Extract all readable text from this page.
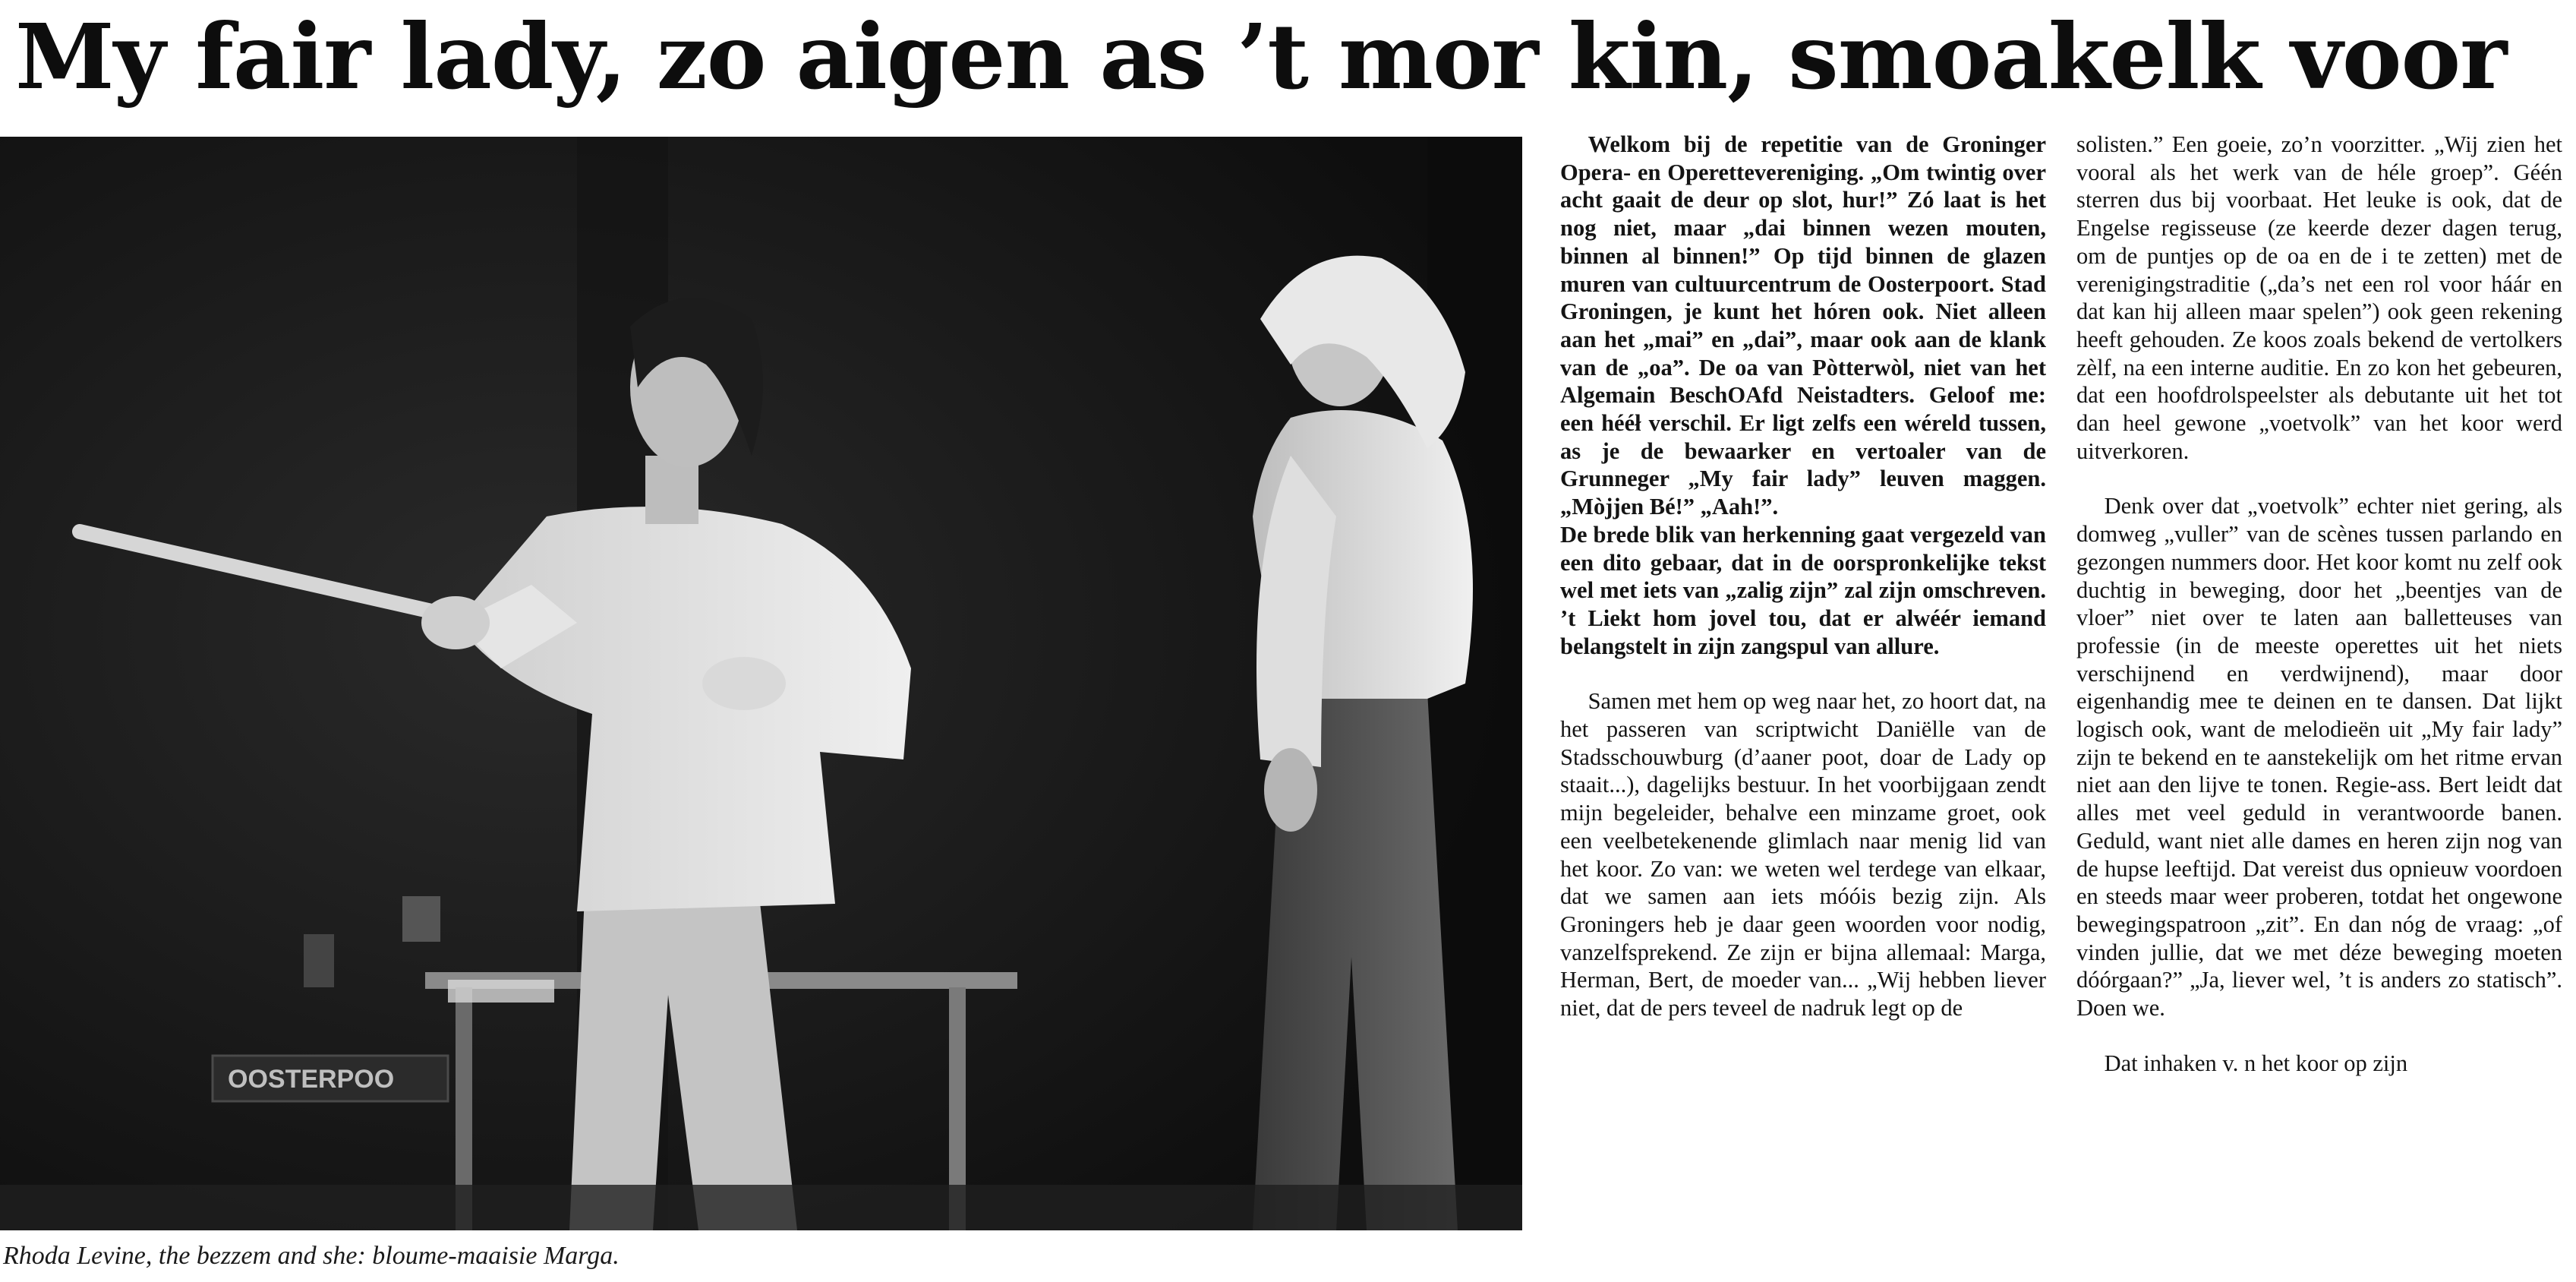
My fair lady, zo aigen as ’t mor kin, smoakelk voor
OOSTERPOO
Rhoda Levine, the bezzem and she: bloume-maaisie Marga.

Welkom bij de repetitie van de Groninger Opera- en Operettevereniging. „Om twintig over acht gaait de deur op slot, hur!” Zó laat is het nog niet, maar „dai binnen wezen mouten, binnen al binnen!” Op tijd binnen de glazen muren van cultuurcentrum de Oosterpoort. Stad Groningen, je kunt het hóren ook. Niet alleen aan het „mai” en „dai”, maar ook aan de klank van de „oa”. De oa van Pòtterwòl, niet van het Algemain BeschOAfd Neistadters. Geloof me: een hééł verschil. Er ligt zelfs een wéreld tussen, as je de bewaarker en vertoaler van de Grunneger „My fair lady” leuven maggen. „Mòjjen Bé!” „Aah!”.

De brede blik van herkenning gaat vergezeld van een dito gebaar, dat in de oorspronkelijke tekst wel met iets van „zalig zijn” zal zijn omschreven. ’t Liekt hom jovel tou, dat er alwéér iemand belangstelt in zijn zangspul van allure.

Samen met hem op weg naar het, zo hoort dat, na het passeren van scriptwicht Daniëlle van de Stadsschouwburg (d’aaner poot, doar de Lady op staait...), dagelijks bestuur. In het voorbijgaan zendt mijn begeleider, behalve een minzame groet, ook een veelbetekenende glimlach naar menig lid van het koor. Zo van: we weten wel terdege van elkaar, dat we samen aan iets móóis bezig zijn. Als Groningers heb je daar geen woorden voor nodig, vanzelfsprekend. Ze zijn er bijna allemaal: Marga, Herman, Bert, de moeder van... „Wij hebben liever niet, dat de pers teveel de nadruk legt op de

solisten.” Een goeie, zo’n voorzitter. „Wij zien het vooral als het werk van de héle groep”. Géén sterren dus bij voorbaat. Het leuke is ook, dat de Engelse regisseuse (ze keerde dezer dagen terug, om de puntjes op de oa en de i te zetten) met de verenigingstraditie („da’s net een rol voor háár en dat kan hij alleen maar spelen”) ook geen rekening heeft gehouden. Ze koos zoals bekend de vertolkers zèlf, na een interne auditie. En zo kon het gebeuren, dat een hoofdrolspeelster als debutante uit het tot dan heel gewone „voetvolk” van het koor werd uitverkoren.

Denk over dat „voetvolk” echter niet gering, als domweg „vuller” van de scènes tussen parlando en gezongen nummers door. Het koor komt nu zelf ook duchtig in beweging, door het „beentjes van de vloer” niet over te laten aan balletteuses van professie (in de meeste operettes uit het niets verschijnend en verdwijnend), maar door eigenhandig mee te deinen en te dansen. Dat lijkt logisch ook, want de melodieën uit „My fair lady” zijn te bekend en te aanstekelijk om het ritme ervan niet aan den lijve te tonen. Regie-ass. Bert leidt dat alles met veel geduld in verantwoorde banen. Geduld, want niet alle dames en heren zijn nog van de hupse leeftijd. Dat vereist dus opnieuw voordoen en steeds maar weer proberen, totdat het ongewone bewegingspatroon „zit”. En dan nóg de vraag: „of vinden jullie, dat we met déze beweging moeten dóórgaan?” „Ja, liever wel, ’t is anders zo statisch”. Doen we.

Dat inhaken v. n het koor op zijn
